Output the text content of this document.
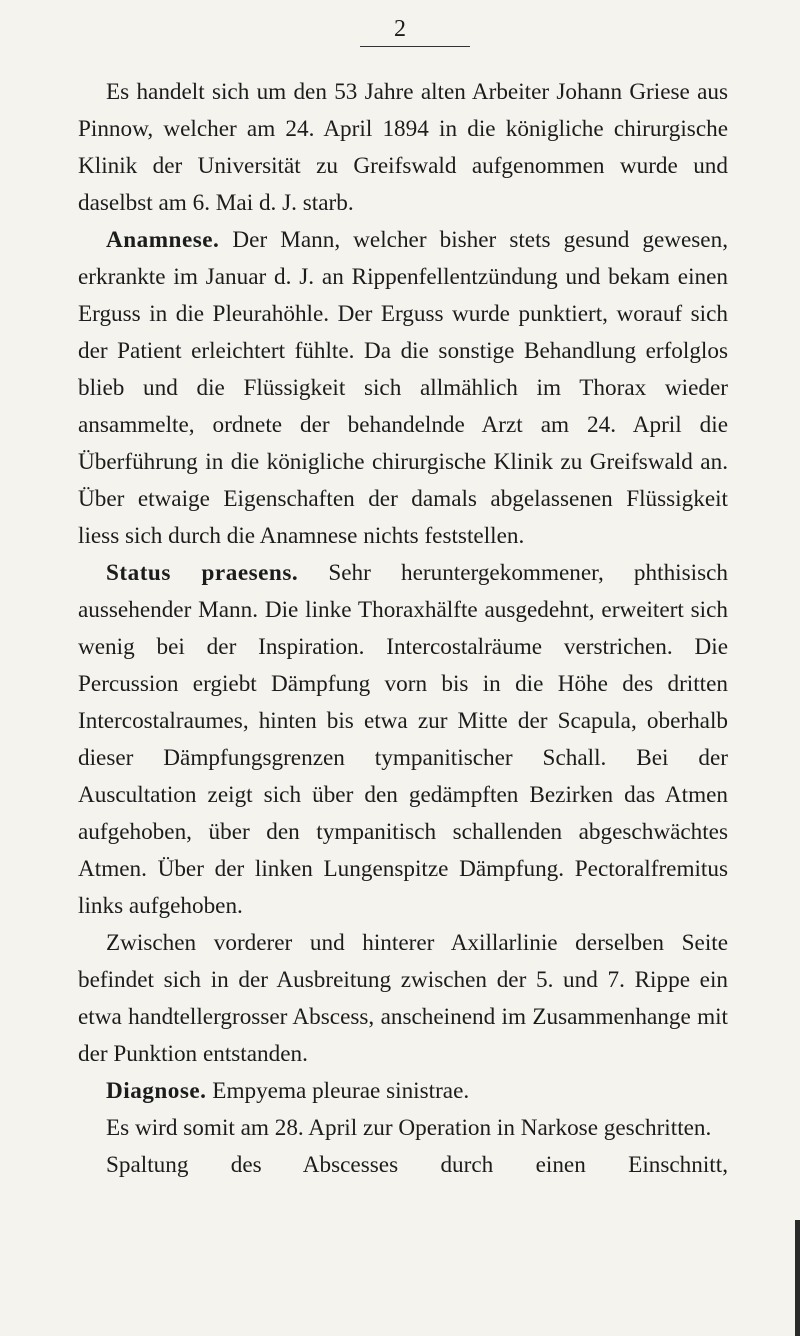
2

Es handelt sich um den 53 Jahre alten Arbeiter Johann Griese aus Pinnow, welcher am 24. April 1894 in die königliche chirurgische Klinik der Universität zu Greifswald aufgenommen wurde und daselbst am 6. Mai d. J. starb.

Anamnese. Der Mann, welcher bisher stets gesund gewesen, erkrankte im Januar d. J. an Rippenfellentzündung und bekam einen Erguss in die Pleurahöhle. Der Erguss wurde punktiert, worauf sich der Patient erleichtert fühlte. Da die sonstige Behandlung erfolglos blieb und die Flüssigkeit sich allmählich im Thorax wieder ansammelte, ordnete der behandelnde Arzt am 24. April die Überführung in die königliche chirurgische Klinik zu Greifswald an. Über etwaige Eigenschaften der damals abgelassenen Flüssigkeit liess sich durch die Anamnese nichts feststellen.

Status praesens. Sehr heruntergekommener, phthisisch aussehender Mann. Die linke Thoraxhälfte ausgedehnt, erweitert sich wenig bei der Inspiration. Intercostalräume verstrichen. Die Percussion ergiebt Dämpfung vorn bis in die Höhe des dritten Intercostalraumes, hinten bis etwa zur Mitte der Scapula, oberhalb dieser Dämpfungsgrenzen tympanitischer Schall. Bei der Auscultation zeigt sich über den gedämpften Bezirken das Atmen aufgehoben, über den tympanitisch schallenden abgeschwächtes Atmen. Über der linken Lungenspitze Dämpfung. Pectoralfremitus links aufgehoben.

Zwischen vorderer und hinterer Axillarlinie derselben Seite befindet sich in der Ausbreitung zwischen der 5. und 7. Rippe ein etwa handtellergrosser Abscess, anscheinend im Zusammenhange mit der Punktion entstanden.

Diagnose. Empyema pleurae sinistrae.

Es wird somit am 28. April zur Operation in Narkose geschritten.

Spaltung des Abscesses durch einen Einschnitt,
